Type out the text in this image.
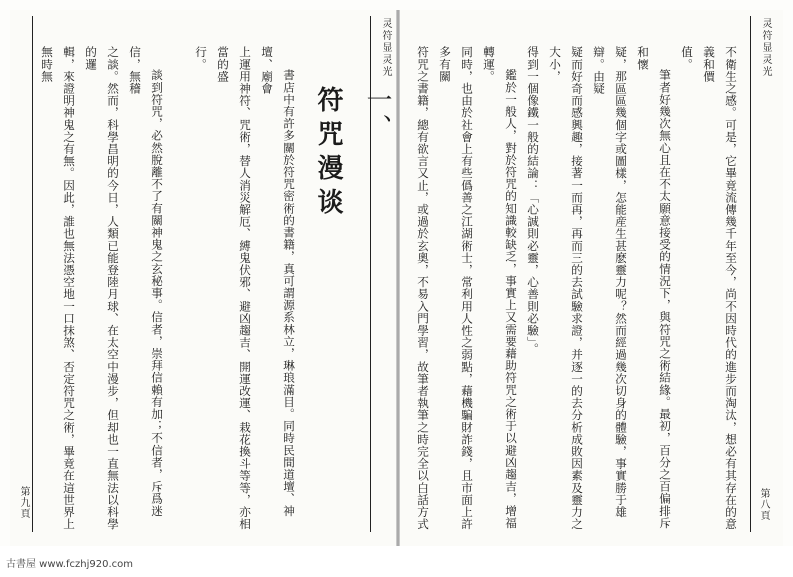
灵符显灵光
第九頁
一、
符咒漫谈

書店中有許多關於符咒密術的書籍，真可謂源系林立，琳琅滿目。同時民間道壇、神壇、廟會

上運用神符、咒術，替人消災解厄、縛鬼伏邪、避凶趨吉、開運改運、栽花換斗等等，亦相當的盛

行。

談到符咒，必然脫離不了有關神鬼之玄秘事。信者，崇拜信賴有加；不信者，斥爲迷信，無稽

之談。然而，科學昌明的今日，人類已能登陸月球、在太空中漫步，但却也一直無法以科學的邏

輯，來證明神鬼之有無。因此，誰也無法憑空地一口抹煞、否定符咒之術，畢竟在這世界上無時無	灵符显灵光
第八頁

不衛生之感。可是，它畢竟流傳幾千年至今，尚不因時代的進步而淘汰，想必有其存在的意義和價

值。

筆者好幾次無心且在不太願意接受的情況下，與符咒之術結緣。最初，百分之百偏排斥和懷

疑，那區區幾個字或圖樣，怎能産生甚麽靈力呢？然而經過幾次切身的體驗，事實勝于雄辯。由疑

疑而好奇而感興趣，接著一而再，再而三的去試驗求證，并逐一的去分析成敗因素及靈力之大小，

得到一個像鐵一般的結論：「心誠則必靈，心善則必驗」。

鑑於一般人，對於符咒的知識較缺乏，事實上又需要藉助符咒之術于以避凶趨吉，增福轉運。

同時，也由於社會上有些僞善之江湖術士，常利用人性之弱點，藉機騙財詐錢，且市面上許多有關

符咒之書籍，總有欲言又止，或過於玄奧，不易入門學習，故筆者執筆之時完全以白話方式

古書屋 www.fczhj920.com
